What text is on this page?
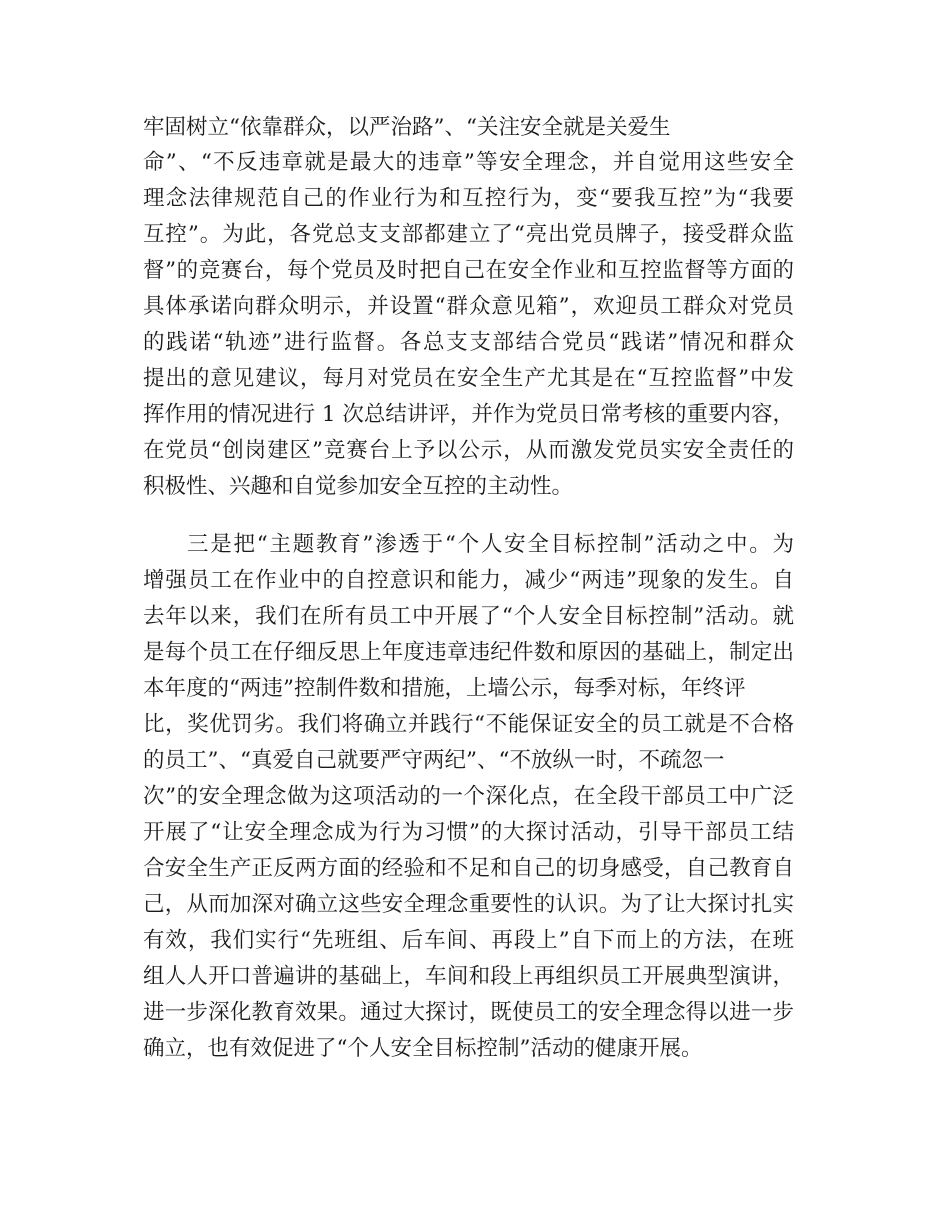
牢固树立“依靠群众，以严治路”、“关注安全就是关爱生

命”、“不反违章就是最大的违章”等安全理念，并自觉用这些安全

理念法律规范自己的作业行为和互控行为，变“要我互控”为“我要

互控”。为此，各党总支支部都建立了“亮出党员牌子，接受群众监

督”的竞赛台，每个党员及时把自己在安全作业和互控监督等方面的

具体承诺向群众明示，并设置“群众意见箱”，欢迎员工群众对党员

的践诺“轨迹”进行监督。各总支支部结合党员“践诺”情况和群众

提出的意见建议，每月对党员在安全生产尤其是在“互控监督”中发

挥作用的情况进行 1 次总结讲评，并作为党员日常考核的重要内容，

在党员“创岗建区”竞赛台上予以公示，从而激发党员实安全责任的

积极性、兴趣和自觉参加安全互控的主动性。

三是把“主题教育”渗透于“个人安全目标控制”活动之中。为

增强员工在作业中的自控意识和能力，减少“两违”现象的发生。自

去年以来，我们在所有员工中开展了“个人安全目标控制”活动。就

是每个员工在仔细反思上年度违章违纪件数和原因的基础上，制定出

本年度的“两违”控制件数和措施，上墙公示，每季对标，年终评

比，奖优罚劣。我们将确立并践行“不能保证安全的员工就是不合格

的员工”、“真爱自己就要严守两纪”、“不放纵一时，不疏忽一

次”的安全理念做为这项活动的一个深化点，在全段干部员工中广泛

开展了“让安全理念成为行为习惯”的大探讨活动，引导干部员工结

合安全生产正反两方面的经验和不足和自己的切身感受，自己教育自

己，从而加深对确立这些安全理念重要性的认识。为了让大探讨扎实

有效，我们实行“先班组、后车间、再段上”自下而上的方法，在班

组人人开口普遍讲的基础上，车间和段上再组织员工开展典型演讲，

进一步深化教育效果。通过大探讨，既使员工的安全理念得以进一步

确立，也有效促进了“个人安全目标控制”活动的健康开展。
